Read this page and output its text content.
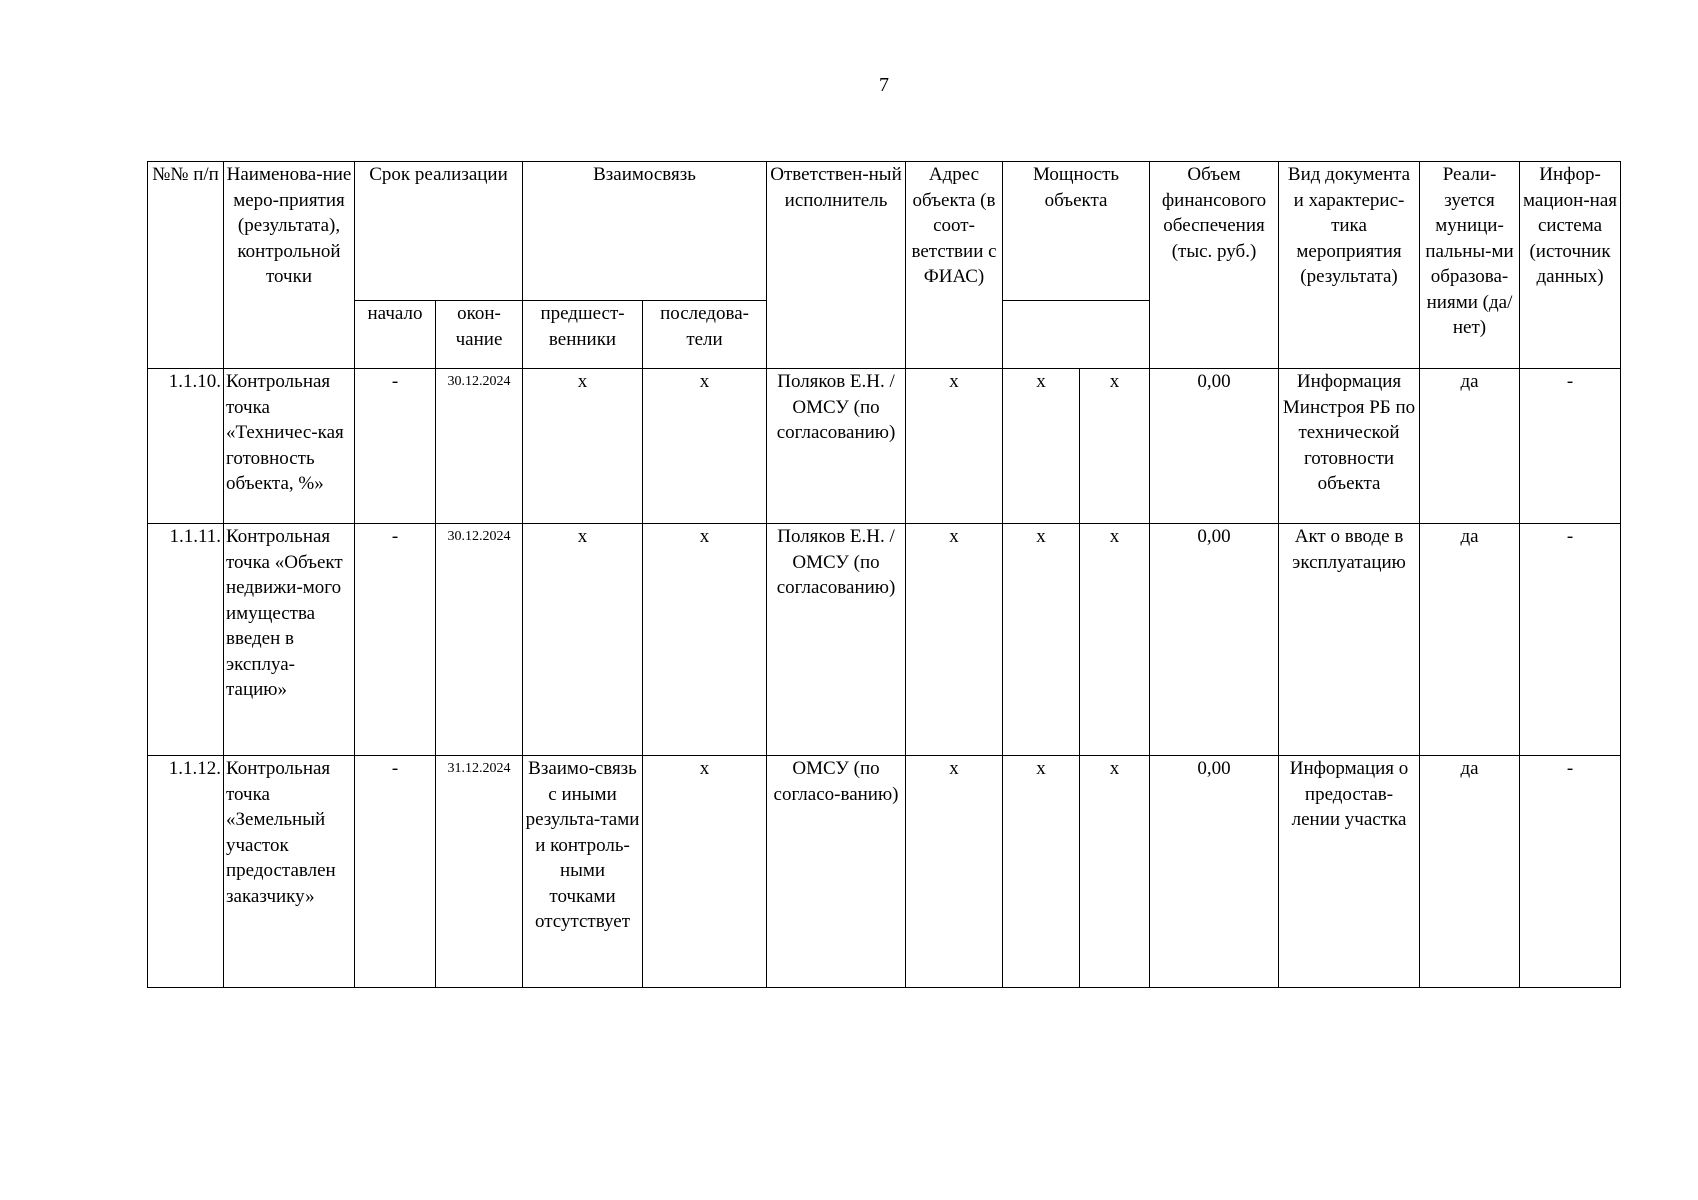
7
№№ п/п	Наименова-ние меро-приятия (результата), контрольной точки	Срок реализации		Взаимосвязь		Ответствен-ный исполнитель	Адрес объекта (в соот-ветствии с ФИАС)	Мощность объекта		Объем финансового обеспечения (тыс. руб.)	Вид документа и характерис-тика мероприятия (результата)	Реали-зуется муници-пальны-ми образова-ниями (да/нет)	Инфор-мацион-ная система (источник данных)
		начало	окон-чание	предшест-венники	последова-тели								
1.1.10.	Контрольная точка «Техничес-кая готовность объекта, %»	-	30.12.2024	х	х	Поляков Е.Н. / ОМСУ (по согласованию)	х	х	х	0,00	Информация Минстроя РБ по технической готовности объекта	да	-
1.1.11.	Контрольная точка «Объект недвижи-мого имущества введен в эксплуа-тацию»	-	30.12.2024	х	х	Поляков Е.Н. / ОМСУ (по согласованию)	х	х	х	0,00	Акт о вводе в эксплуатацию	да	-
1.1.12.	Контрольная точка «Земельный участок предоставлен заказчику»	-	31.12.2024	Взаимо-связь с иными результа-тами и контроль-ными точками отсутствует	х	ОМСУ (по согласо-ванию)	х	х	х	0,00	Информация о предостав-лении участка	да	-
